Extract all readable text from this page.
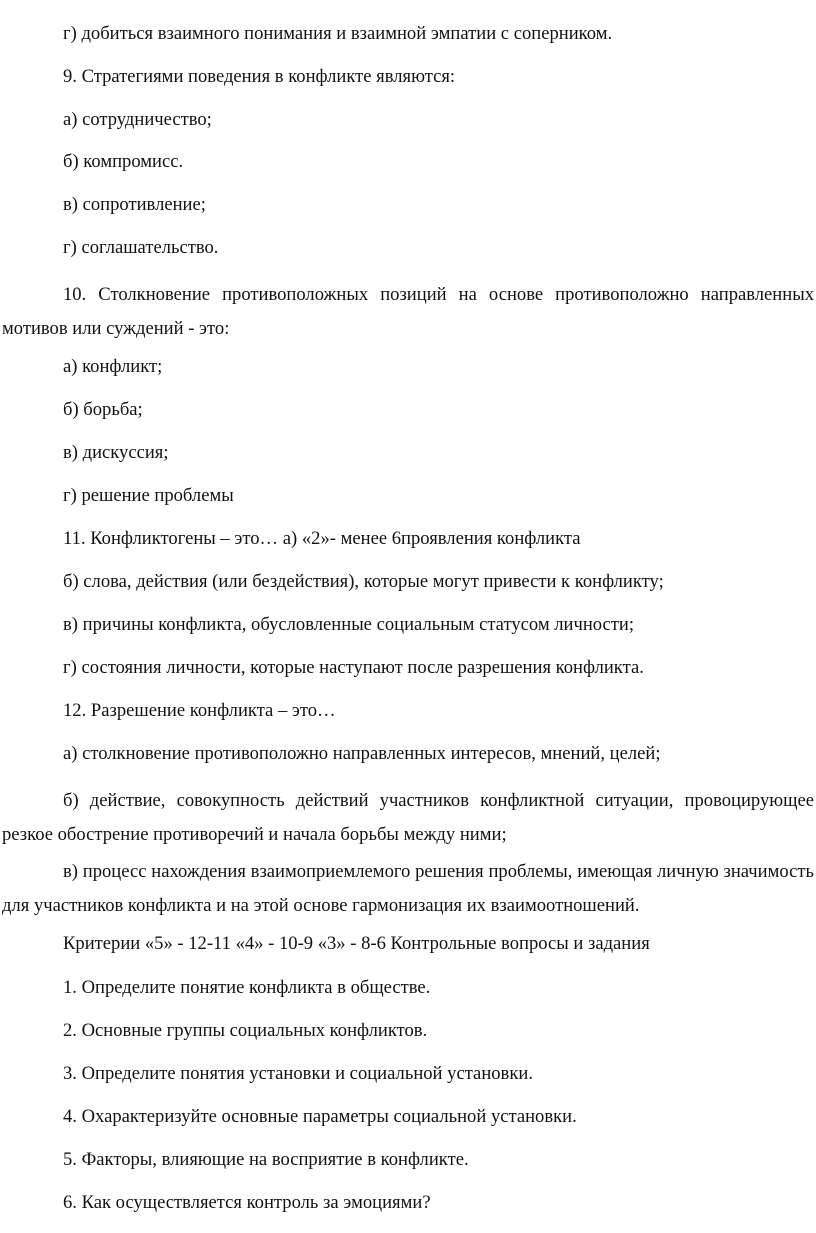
г) добиться взаимного понимания и взаимной эмпатии с соперником.
9. Стратегиями поведения в конфликте являются:
а) сотрудничество;
б) компромисс.
в) сопротивление;
г) соглашательство.
10. Столкновение противоположных позиций на основе противоположно направленных мотивов или суждений - это:
а) конфликт;
б) борьба;
в) дискуссия;
г) решение проблемы
11. Конфликтогены – это… а) «2»- менее 6проявления конфликта
б) слова, действия (или бездействия), которые могут привести к конфликту;
в) причины конфликта, обусловленные социальным статусом личности;
г) состояния личности, которые наступают после разрешения конфликта.
12. Разрешение конфликта – это…
а) столкновение противоположно направленных интересов, мнений, целей;
б) действие, совокупность действий участников конфликтной ситуации, провоцирующее резкое обострение противоречий и начала борьбы между ними;
в) процесс нахождения взаимоприемлемого решения проблемы, имеющая личную значимость для участников конфликта и на этой основе гармонизация их взаимоотношений.
Критерии «5» - 12-11 «4» - 10-9 «3» - 8-6 Контрольные вопросы и задания
1. Определите понятие конфликта в обществе.
2. Основные группы социальных конфликтов.
3. Определите понятия установки и социальной установки.
4. Охарактеризуйте основные параметры социальной установки.
5. Факторы, влияющие на восприятие в конфликте.
6. Как осуществляется контроль за эмоциями?
